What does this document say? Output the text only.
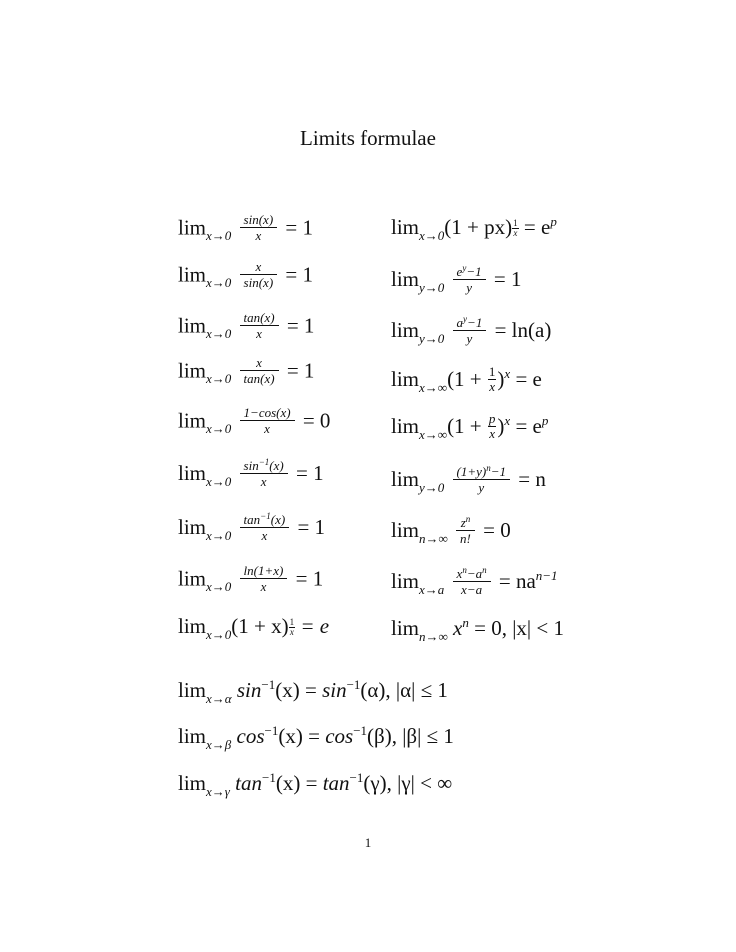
Limits formulae
$\lim_{x\to 0} \frac{\sin(x)}{x} = 1$
$\lim_{x\to 0} \frac{x}{\sin(x)} = 1$
$\lim_{x\to 0} \frac{\tan(x)}{x} = 1$
$\lim_{x\to 0} \frac{x}{\tan(x)} = 1$
$\lim_{x\to 0} \frac{1-\cos(x)}{x} = 0$
$\lim_{x\to 0} \frac{\sin^{-1}(x)}{x} = 1$
$\lim_{x\to 0} \frac{\tan^{-1}(x)}{x} = 1$
$\lim_{x\to 0} \frac{\ln(1+x)}{x} = 1$
$\lim_{x\to 0}(1 + x) \frac{1}{x} = e$
$\lim_{x\to 0}(1 + px) \frac{1}{x} = e^p$
$\lim_{y\to 0} \frac{e^y-1}{y} = 1$
$\lim_{y\to 0} \frac{a^y-1}{y} = \ln(a)$
$\lim_{x\to\infty}(1 + \frac{1}{x} )^x = e$
$\lim_{x\to\infty}(1 + \frac{p}{x} )^x = e^p$
$\lim_{y\to 0} \frac{(1+y)^n-1}{y} = n$
$\lim_{n\to\infty} \frac{z^n}{n!} = 0$
$\lim_{x\to a} \frac{x^n-a^n}{x-a} = na^{n-1}$
$\lim_{n\to\infty} x^n = 0$, |x| < 1
$\lim_{x\to\alpha} \sin^{-1}(x) = \sin^{-1}(\alpha)$, |α| ≤ 1
$\lim_{x\to\beta} \cos^{-1}(x) = \cos^{-1}(\beta)$, |β| ≤ 1
$\lim_{x\to\gamma} \tan^{-1}(x) = \tan^{-1}(\gamma)$, |γ| < ∞
1
